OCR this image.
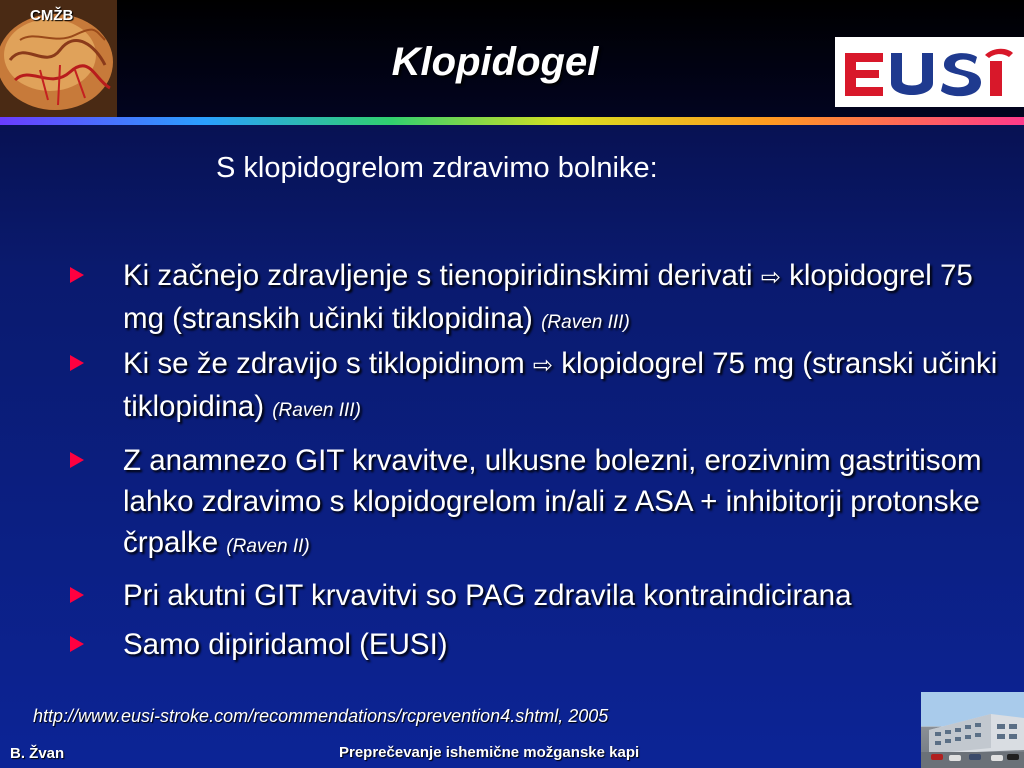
CMŽB
Klopidogel
S klopidogrelom zdravimo bolnike:
Ki začnejo zdravljenje s tienopiridinskimi derivati ⇨ klopidogrel 75 mg (stranskih učinki tiklopidina) (Raven III)
Ki se že zdravijo s tiklopidinom ⇨ klopidogrel 75 mg (stranski učinki tiklopidina) (Raven III)
Z anamnezo GIT krvavitve, ulkusne bolezni, erozivnim gastritisom lahko zdravimo s klopidogrelom in/ali z ASA + inhibitorji protonske črpalke (Raven II)
Pri akutni GIT krvavitvi so PAG zdravila kontraindicirana
Samo dipiridamol (EUSI)
http://www.eusi-stroke.com/recommendations/rcprevention4.shtml, 2005
B. Žvan	Preprečevanje ishemične možganske kapi
